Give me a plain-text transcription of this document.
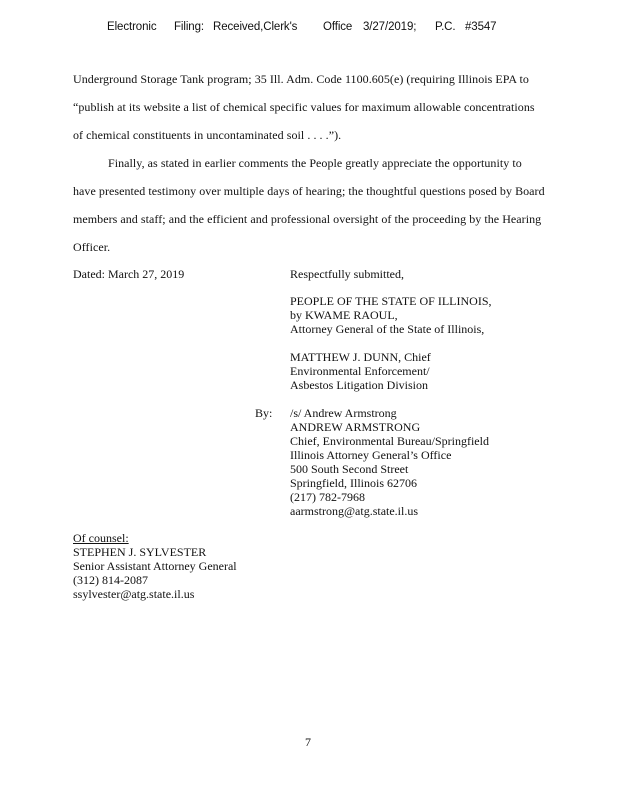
Electronic Filing: Received,Clerk's Office 3/27/2019; P.C. #3547
Underground Storage Tank program; 35 Ill. Adm. Code 1100.605(e) (requiring Illinois EPA to
“publish at its website a list of chemical specific values for maximum allowable concentrations
of chemical constituents in uncontaminated soil . . . .”).
Finally, as stated in earlier comments the People greatly appreciate the opportunity to
have presented testimony over multiple days of hearing; the thoughtful questions posed by Board
members and staff; and the efficient and professional oversight of the proceeding by the Hearing
Officer.
Dated: March 27, 2019	Respectfully submitted,
PEOPLE OF THE STATE OF ILLINOIS,
by KWAME RAOUL,
Attorney General of the State of Illinois,
MATTHEW J. DUNN, Chief
Environmental Enforcement/
Asbestos Litigation Division
By: /s/ Andrew Armstrong
ANDREW ARMSTRONG
Chief, Environmental Bureau/Springfield
Illinois Attorney General’s Office
500 South Second Street
Springfield, Illinois 62706
(217) 782-7968
aarmstrong@atg.state.il.us
Of counsel:
STEPHEN J. SYLVESTER
Senior Assistant Attorney General
(312) 814-2087
ssylvester@atg.state.il.us
7
